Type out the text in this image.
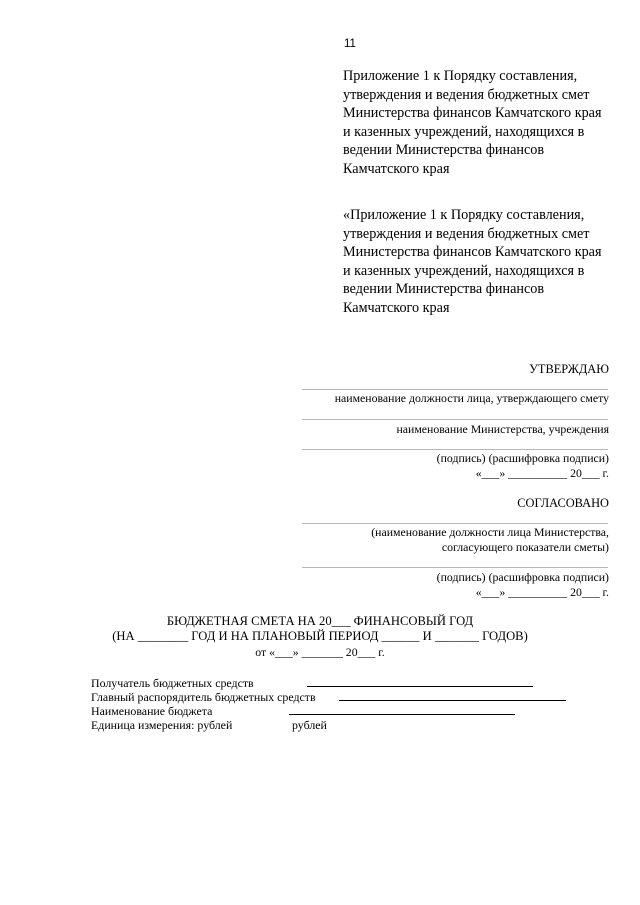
11
Приложение 1 к Порядку составления,
утверждения и ведения бюджетных смет
Министерства финансов Камчатского края
и казенных учреждений, находящихся в
ведении Министерства финансов
Камчатского края
«Приложение 1 к Порядку составления,
утверждения и ведения бюджетных смет
Министерства финансов Камчатского края
и казенных учреждений, находящихся в
ведении Министерства финансов
Камчатского края
УТВЕРЖДАЮ
наименование должности лица, утверждающего смету
наименование Министерства, учреждения
(подпись) (расшифровка подписи)
«___» __________ 20___ г.
СОГЛАСОВАНО
(наименование должности лица Министерства,
согласующего показатели сметы)
(подпись) (расшифровка подписи)
«___» __________ 20___ г.
БЮДЖЕТНАЯ СМЕТА НА 20___ ФИНАНСОВЫЙ ГОД
(НА ________ ГОД И НА ПЛАНОВЫЙ ПЕРИОД ______ И _______ ГОДОВ)
от «___» _______ 20___ г.
Получатель бюджетных средств
Главный распорядитель бюджетных средств
Наименование бюджета
Единица измерения: рублей	рублей
